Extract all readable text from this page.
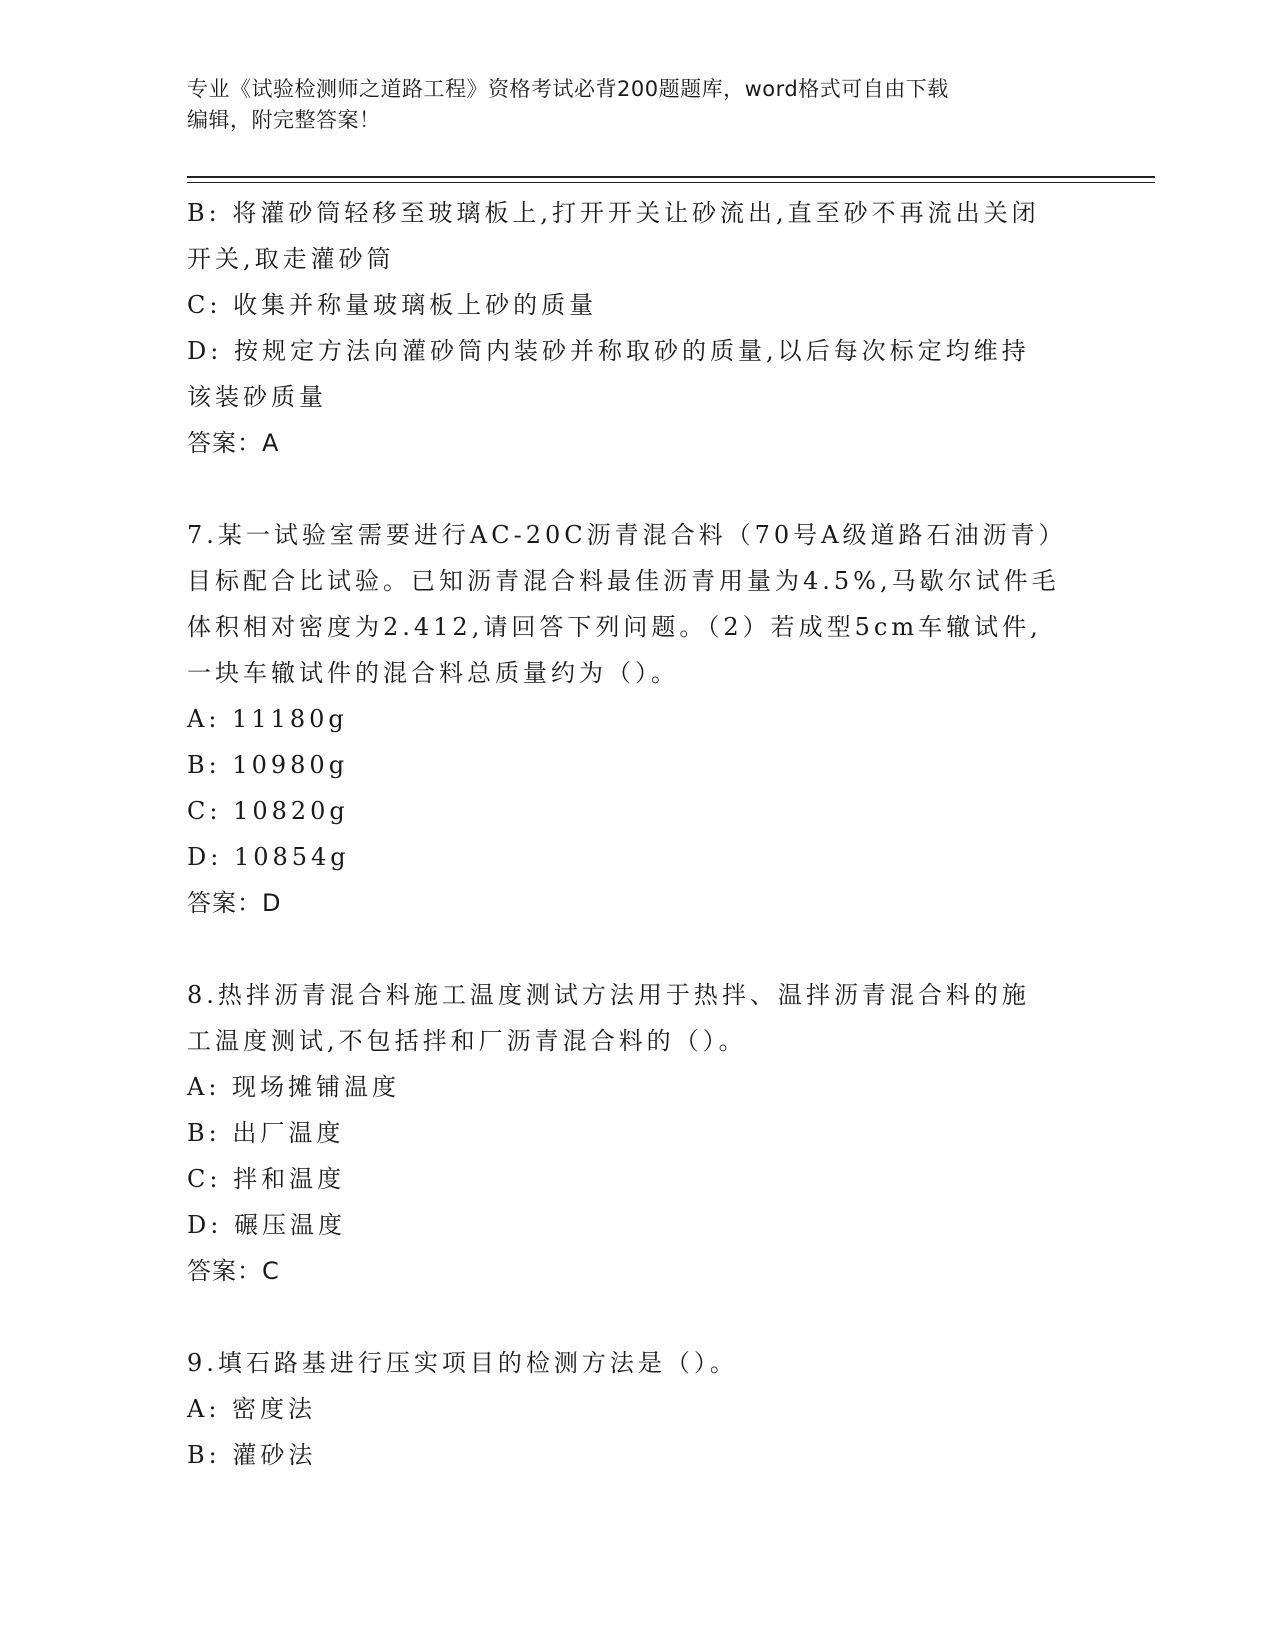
专业《试验检测师之道路工程》资格考试必背200题题库，word格式可自由下载
编辑，附完整答案！
B: 将灌砂筒轻移至玻璃板上,打开开关让砂流出,直至砂不再流出关闭
开关,取走灌砂筒
C: 收集并称量玻璃板上砂的质量
D: 按规定方法向灌砂筒内装砂并称取砂的质量,以后每次标定均维持
该装砂质量
答案：A
7.某一试验室需要进行AC-20C沥青混合料（70号A级道路石油沥青）
目标配合比试验。已知沥青混合料最佳沥青用量为4.5%,马歇尔试件毛
体积相对密度为2.412,请回答下列问题。（2）若成型5cm车辙试件,
一块车辙试件的混合料总质量约为（）。
A: 11180g
B: 10980g
C: 10820g
D: 10854g
答案：D
8.热拌沥青混合料施工温度测试方法用于热拌、温拌沥青混合料的施
工温度测试,不包括拌和厂沥青混合料的（）。
A: 现场摊铺温度
B: 出厂温度
C: 拌和温度
D: 碾压温度
答案：C
9.填石路基进行压实项目的检测方法是（）。
A: 密度法
B: 灌砂法
